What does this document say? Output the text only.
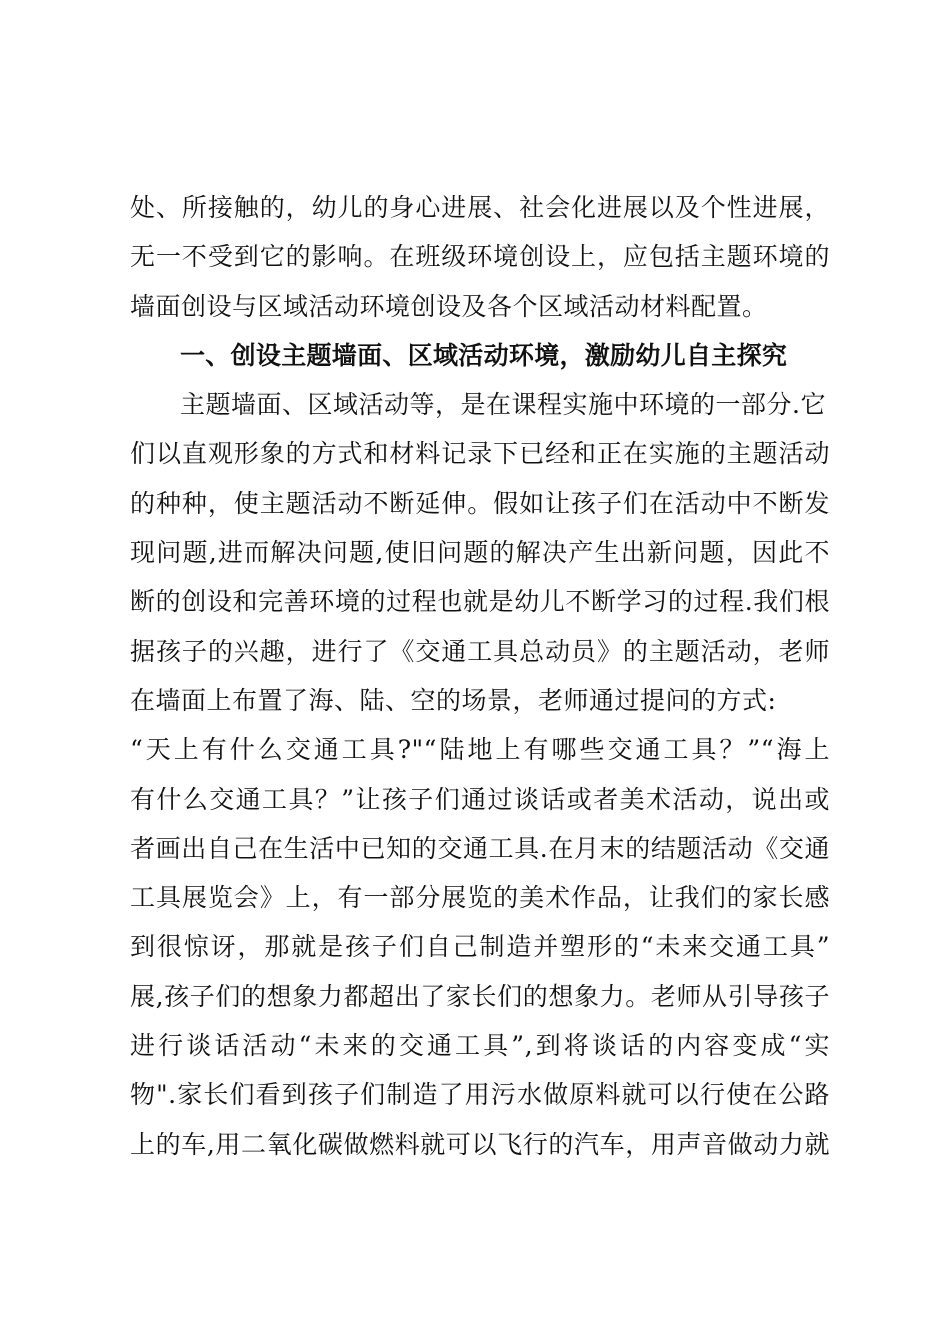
处、所接触的，幼儿的身心进展、社会化进展以及个性进展，
无一不受到它的影响。在班级环境创设上，应包括主题环境的
墙面创设与区域活动环境创设及各个区域活动材料配置。
一、创设主题墙面、区域活动环境，激励幼儿自主探究
主题墙面、区域活动等，是在课程实施中环境的一部分.它
们以直观形象的方式和材料记录下已经和正在实施的主题活动
的种种，使主题活动不断延伸。假如让孩子们在活动中不断发
现问题,进而解决问题,使旧问题的解决产生出新问题，因此不
断的创设和完善环境的过程也就是幼儿不断学习的过程.我们根
据孩子的兴趣，进行了《交通工具总动员》的主题活动，老师
在墙面上布置了海、陆、空的场景，老师通过提问的方式:
“天上有什么交通工具?"“陆地上有哪些交通工具？”“海上
有什么交通工具？”让孩子们通过谈话或者美术活动，说出或
者画出自己在生活中已知的交通工具.在月末的结题活动《交通
工具展览会》上，有一部分展览的美术作品，让我们的家长感
到很惊讶，那就是孩子们自己制造并塑形的“未来交通工具”
展,孩子们的想象力都超出了家长们的想象力。老师从引导孩子
进行谈话活动“未来的交通工具”,到将谈话的内容变成“实
物".家长们看到孩子们制造了用污水做原料就可以行使在公路
上的车,用二氧化碳做燃料就可以飞行的汽车，用声音做动力就
